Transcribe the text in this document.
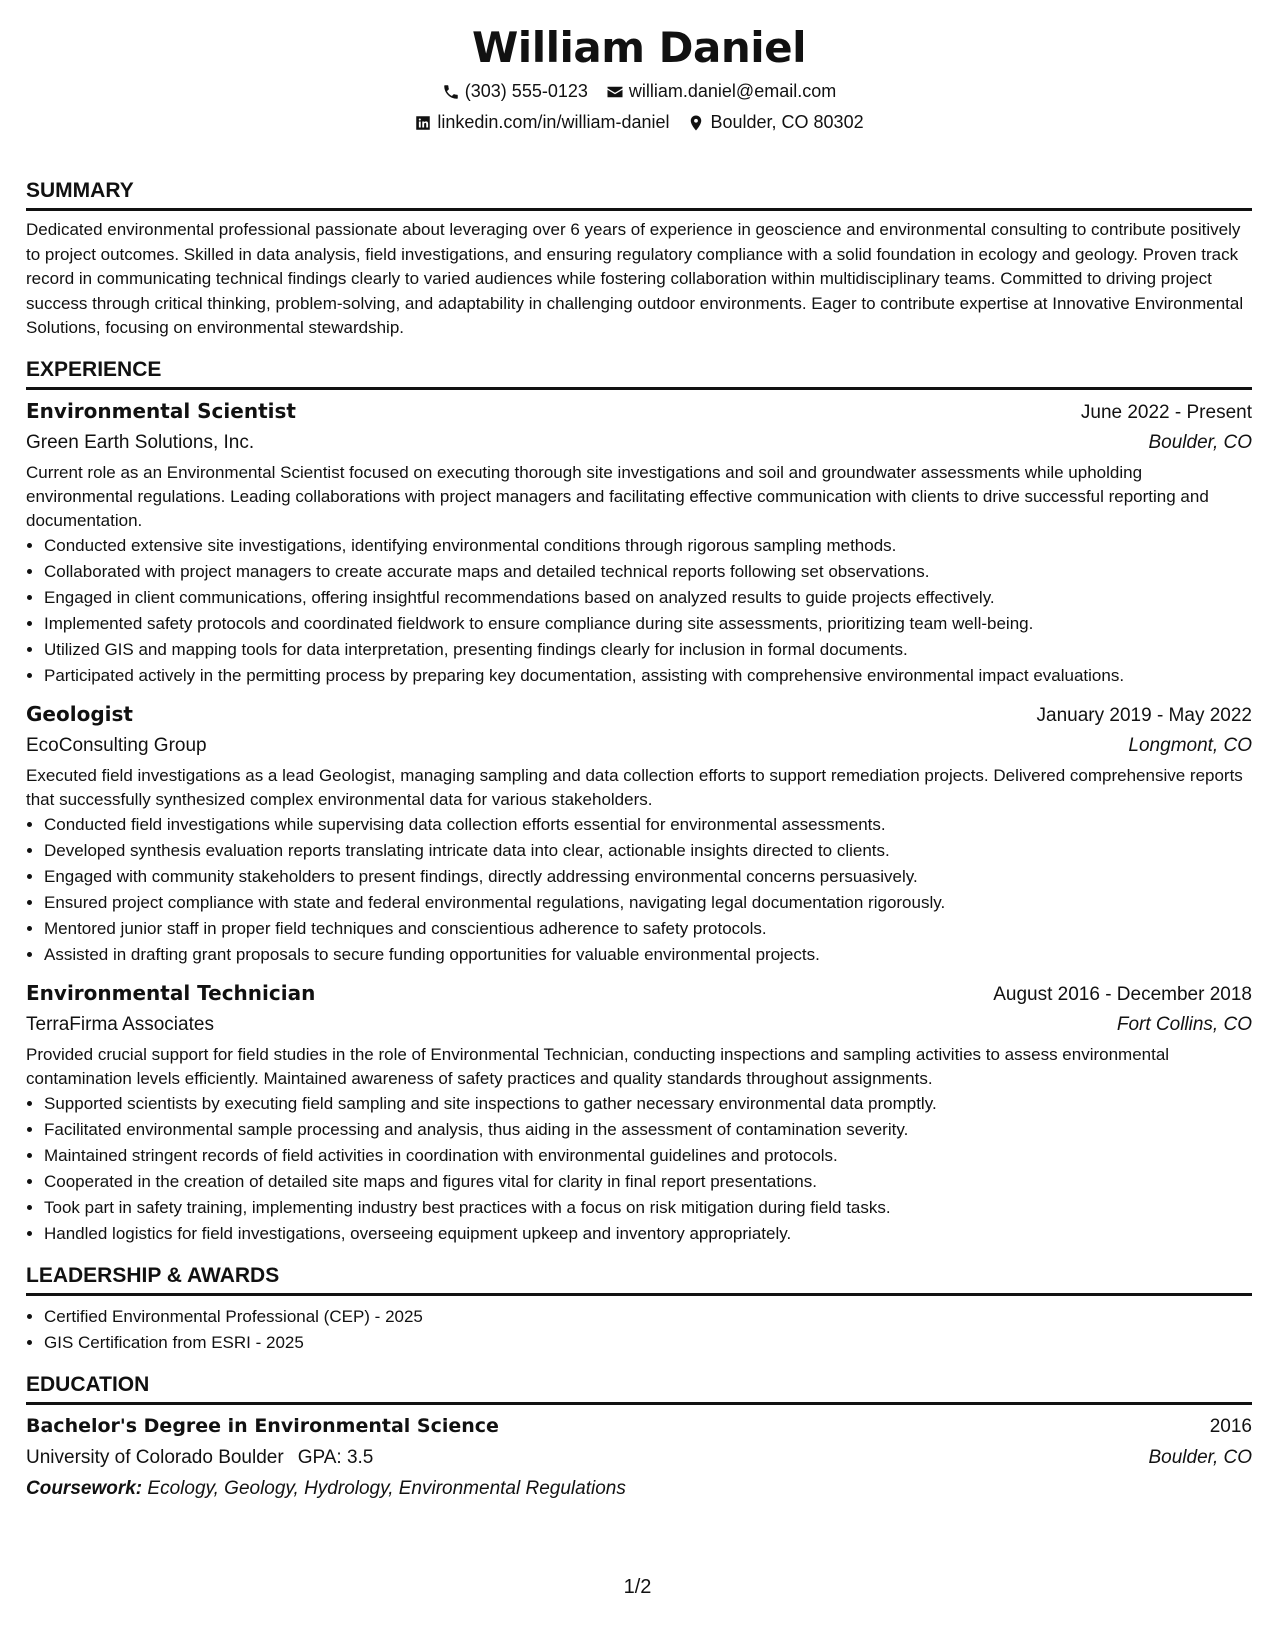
William Daniel
(303) 555-0123 william.daniel@email.com
linkedin.com/in/william-daniel Boulder, CO 80302
SUMMARY
Dedicated environmental professional passionate about leveraging over 6 years of experience in geoscience and environmental consulting to contribute positively to project outcomes. Skilled in data analysis, field investigations, and ensuring regulatory compliance with a solid foundation in ecology and geology. Proven track record in communicating technical findings clearly to varied audiences while fostering collaboration within multidisciplinary teams. Committed to driving project success through critical thinking, problem-solving, and adaptability in challenging outdoor environments. Eager to contribute expertise at Innovative Environmental Solutions, focusing on environmental stewardship.
EXPERIENCE
Environmental Scientist	June 2022 - Present
Green Earth Solutions, Inc.	Boulder, CO
Current role as an Environmental Scientist focused on executing thorough site investigations and soil and groundwater assessments while upholding environmental regulations. Leading collaborations with project managers and facilitating effective communication with clients to drive successful reporting and documentation.
• Conducted extensive site investigations, identifying environmental conditions through rigorous sampling methods.
• Collaborated with project managers to create accurate maps and detailed technical reports following set observations.
• Engaged in client communications, offering insightful recommendations based on analyzed results to guide projects effectively.
• Implemented safety protocols and coordinated fieldwork to ensure compliance during site assessments, prioritizing team well-being.
• Utilized GIS and mapping tools for data interpretation, presenting findings clearly for inclusion in formal documents.
• Participated actively in the permitting process by preparing key documentation, assisting with comprehensive environmental impact evaluations.
Geologist	January 2019 - May 2022
EcoConsulting Group	Longmont, CO
Executed field investigations as a lead Geologist, managing sampling and data collection efforts to support remediation projects. Delivered comprehensive reports that successfully synthesized complex environmental data for various stakeholders.
• Conducted field investigations while supervising data collection efforts essential for environmental assessments.
• Developed synthesis evaluation reports translating intricate data into clear, actionable insights directed to clients.
• Engaged with community stakeholders to present findings, directly addressing environmental concerns persuasively.
• Ensured project compliance with state and federal environmental regulations, navigating legal documentation rigorously.
• Mentored junior staff in proper field techniques and conscientious adherence to safety protocols.
• Assisted in drafting grant proposals to secure funding opportunities for valuable environmental projects.
Environmental Technician	August 2016 - December 2018
TerraFirma Associates	Fort Collins, CO
Provided crucial support for field studies in the role of Environmental Technician, conducting inspections and sampling activities to assess environmental contamination levels efficiently. Maintained awareness of safety practices and quality standards throughout assignments.
• Supported scientists by executing field sampling and site inspections to gather necessary environmental data promptly.
• Facilitated environmental sample processing and analysis, thus aiding in the assessment of contamination severity.
• Maintained stringent records of field activities in coordination with environmental guidelines and protocols.
• Cooperated in the creation of detailed site maps and figures vital for clarity in final report presentations.
• Took part in safety training, implementing industry best practices with a focus on risk mitigation during field tasks.
• Handled logistics for field investigations, overseeing equipment upkeep and inventory appropriately.
LEADERSHIP & AWARDS
• Certified Environmental Professional (CEP) - 2025
• GIS Certification from ESRI - 2025
EDUCATION
Bachelor's Degree in Environmental Science	2016
University of Colorado Boulder GPA: 3.5	Boulder, CO
Coursework: Ecology, Geology, Hydrology, Environmental Regulations
1/2
